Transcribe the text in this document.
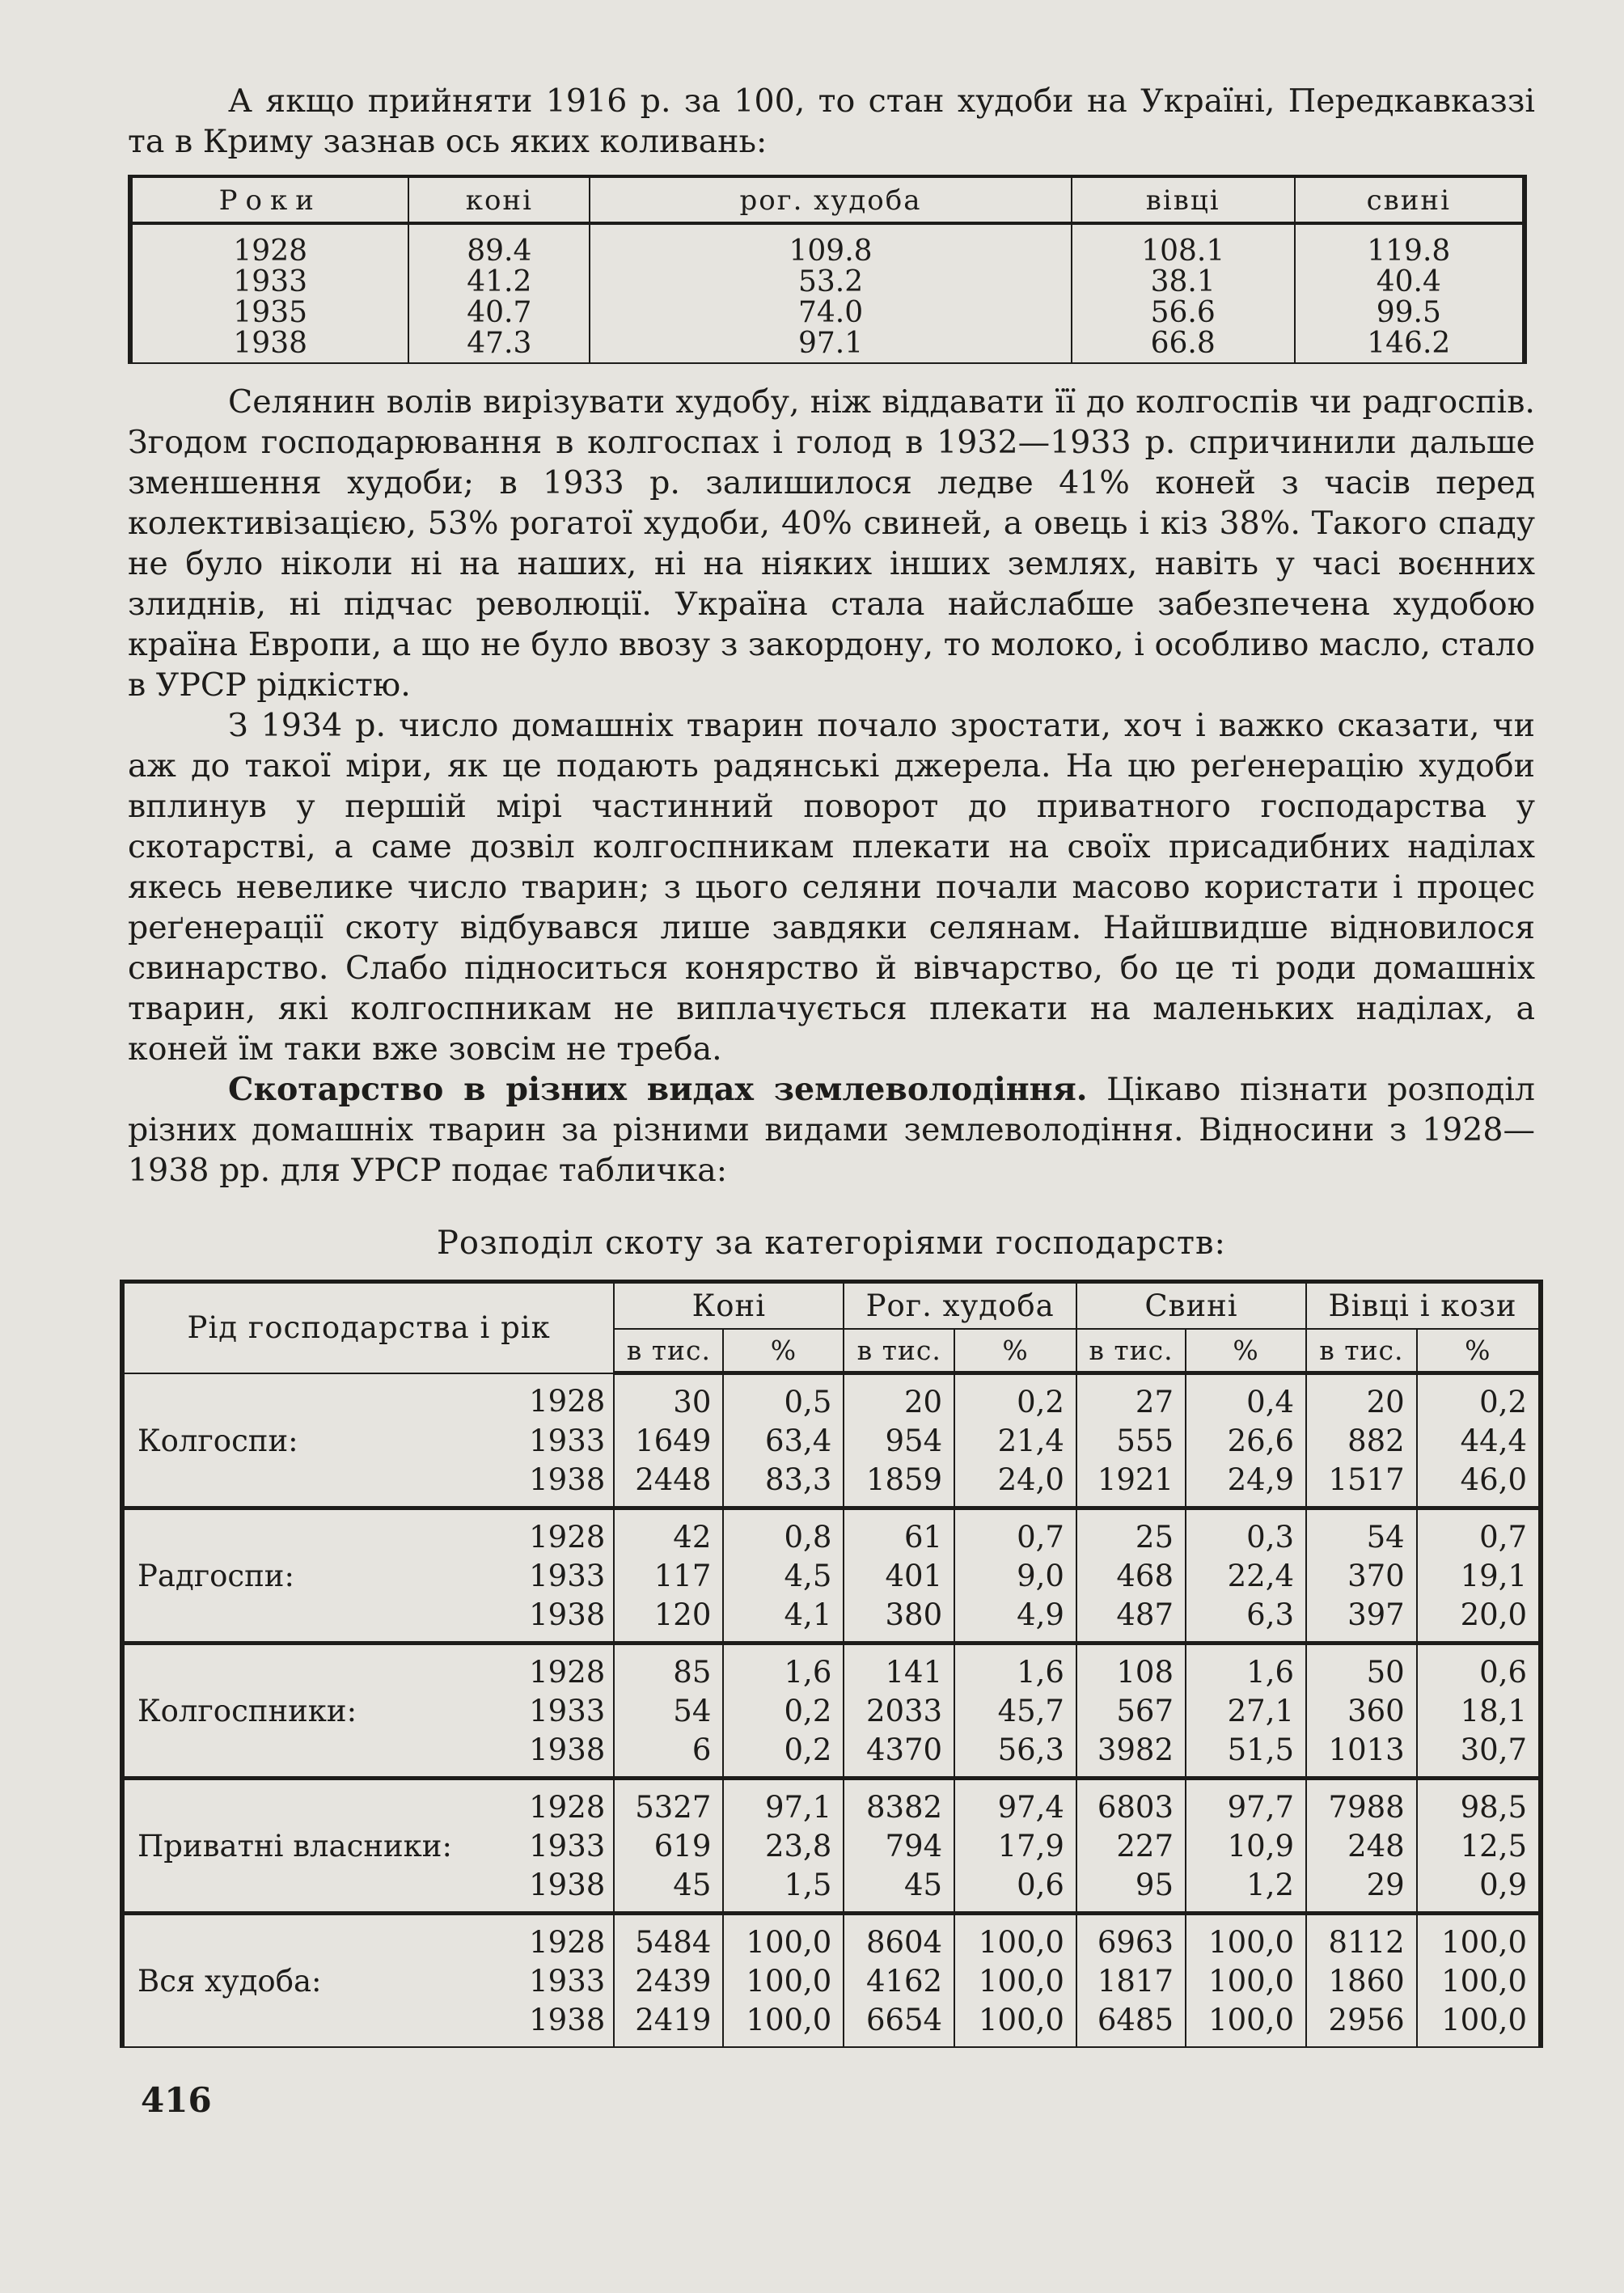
А якщо прийняти 1916 р. за 100, то стан худоби на Україні, Передкавказзі та в Криму зазнав ось яких коливань:

Роки	коні	рог. худоба	вівці	свині
1928	89.4	109.8	108.1	119.8
1933	41.2	53.2	38.1	40.4
1935	40.7	74.0	56.6	99.5
1938	47.3	97.1	66.8	146.2

Селянин волів вирізувати худобу, ніж віддавати її до колгоспів чи радгоспів. Згодом господарювання в колгоспах і голод в 1932—1933 р. спричинили дальше зменшення худоби; в 1933 р. залишилося ледве 41% коней з часів перед колективізацією, 53% рогатої худоби, 40% свиней, а овець і кіз 38%. Такого спаду не було ніколи ні на наших, ні на ніяких інших землях, навіть у часі воєнних злиднів, ні підчас революції. Україна стала найслабше забезпечена худобою країна Европи, а що не було ввозу з закордону, то молоко, і особливо масло, стало в УРСР рідкістю.

З 1934 р. число домашніх тварин почало зростати, хоч і важко сказати, чи аж до такої міри, як це подають радянські джерела. На цю реґенерацію худоби вплинув у першій мірі частинний поворот до приватного господарства у скотарстві, а саме дозвіл колгоспникам плекати на своїх присадибних наділах якесь невелике число тварин; з цього селяни почали масово користати і процес реґенерації скоту відбувався лише завдяки селянам. Найшвидше відновилося свинарство. Слабо підноситься конярство й вівчарство, бо це ті роди домашніх тварин, які колгоспникам не виплачується плекати на маленьких наділах, а коней їм таки вже зовсім не треба.

Скотарство в різних видах землеволодіння. Цікаво пізнати розподіл різних домашніх тварин за різними видами землеволодіння. Відносини з 1928—1938 рр. для УРСР подає табличка:

Розподіл скоту за категоріями господарств:
Рід господарства і рік		Коні		Рог. худоба		Свині		Вівці і кози	
		в тис.	%	в тис.	%	в тис.	%	в тис.	%
	1928	30	0,5	20	0,2	27	0,4	20	0,2
Колгоспи:	1933	1649	63,4	954	21,4	555	26,6	882	44,4
	1938	2448	83,3	1859	24,0	1921	24,9	1517	46,0
	1928	42	0,8	61	0,7	25	0,3	54	0,7
Радгоспи:	1933	117	4,5	401	9,0	468	22,4	370	19,1
	1938	120	4,1	380	4,9	487	6,3	397	20,0
	1928	85	1,6	141	1,6	108	1,6	50	0,6
Колгоспники:	1933	54	0,2	2033	45,7	567	27,1	360	18,1
	1938	6	0,2	4370	56,3	3982	51,5	1013	30,7
	1928	5327	97,1	8382	97,4	6803	97,7	7988	98,5
Приватні власники:	1933	619	23,8	794	17,9	227	10,9	248	12,5
	1938	45	1,5	45	0,6	95	1,2	29	0,9
	1928	5484	100,0	8604	100,0	6963	100,0	8112	100,0
Вся худоба:	1933	2439	100,0	4162	100,0	1817	100,0	1860	100,0
	1938	2419	100,0	6654	100,0	6485	100,0	2956	100,0
416
